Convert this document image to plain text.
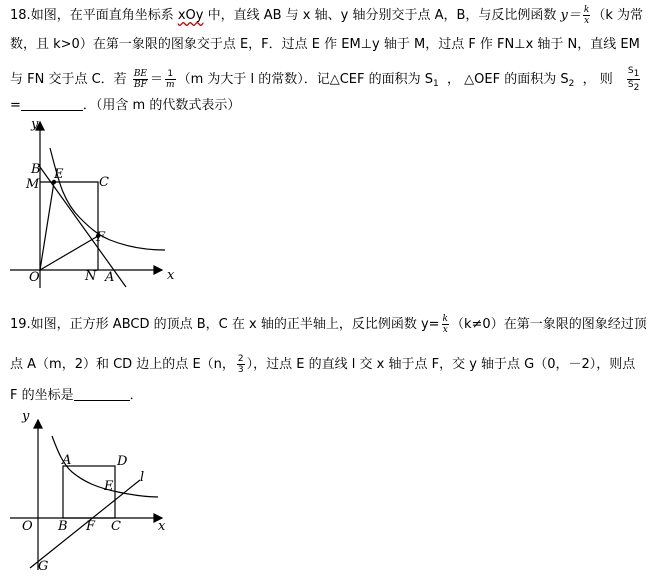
18.如图，在平面直角坐标系 xOy 中，直线 AB 与 x 轴、y 轴分别交于点 A，B，与反比例函数 $y= \frac{k}{x} (k$ 为常
数，且 k>0）在第一象限的图象交于点 E，F．过点 E 作 EM⊥y 轴于 M，过点 F 作 FN⊥x 轴于 N，直线 EM
与 FN 交于点 C．若 $\frac{BE}{BF} = \frac{1}{m} (m$ 为大于 l 的常数）．记△CEF 的面积为 $S_1$ ， △OEF 的面积为 $S_2$ ， 则 $\frac{S1}{S2}$
=	．（用含 m 的代数式表示）
y
B E
M	C
F
O	N A	x
19.如图，正方形 ABCD 的顶点 B，C 在 x 轴的正半轴上，反比例函数 $y= \frac{k}{x} (k\ne 0)$在第一象限的图象经过顶
点 A（m，2）和 CD 边上的点 E（n， $\frac{2}{3}$ ），过点 E 的直线 l 交 x 轴于点 F，交 y 轴于点 G（0，－2），则点
F 的坐标是	．
y
A	D
l
E
O B F C	x
G
